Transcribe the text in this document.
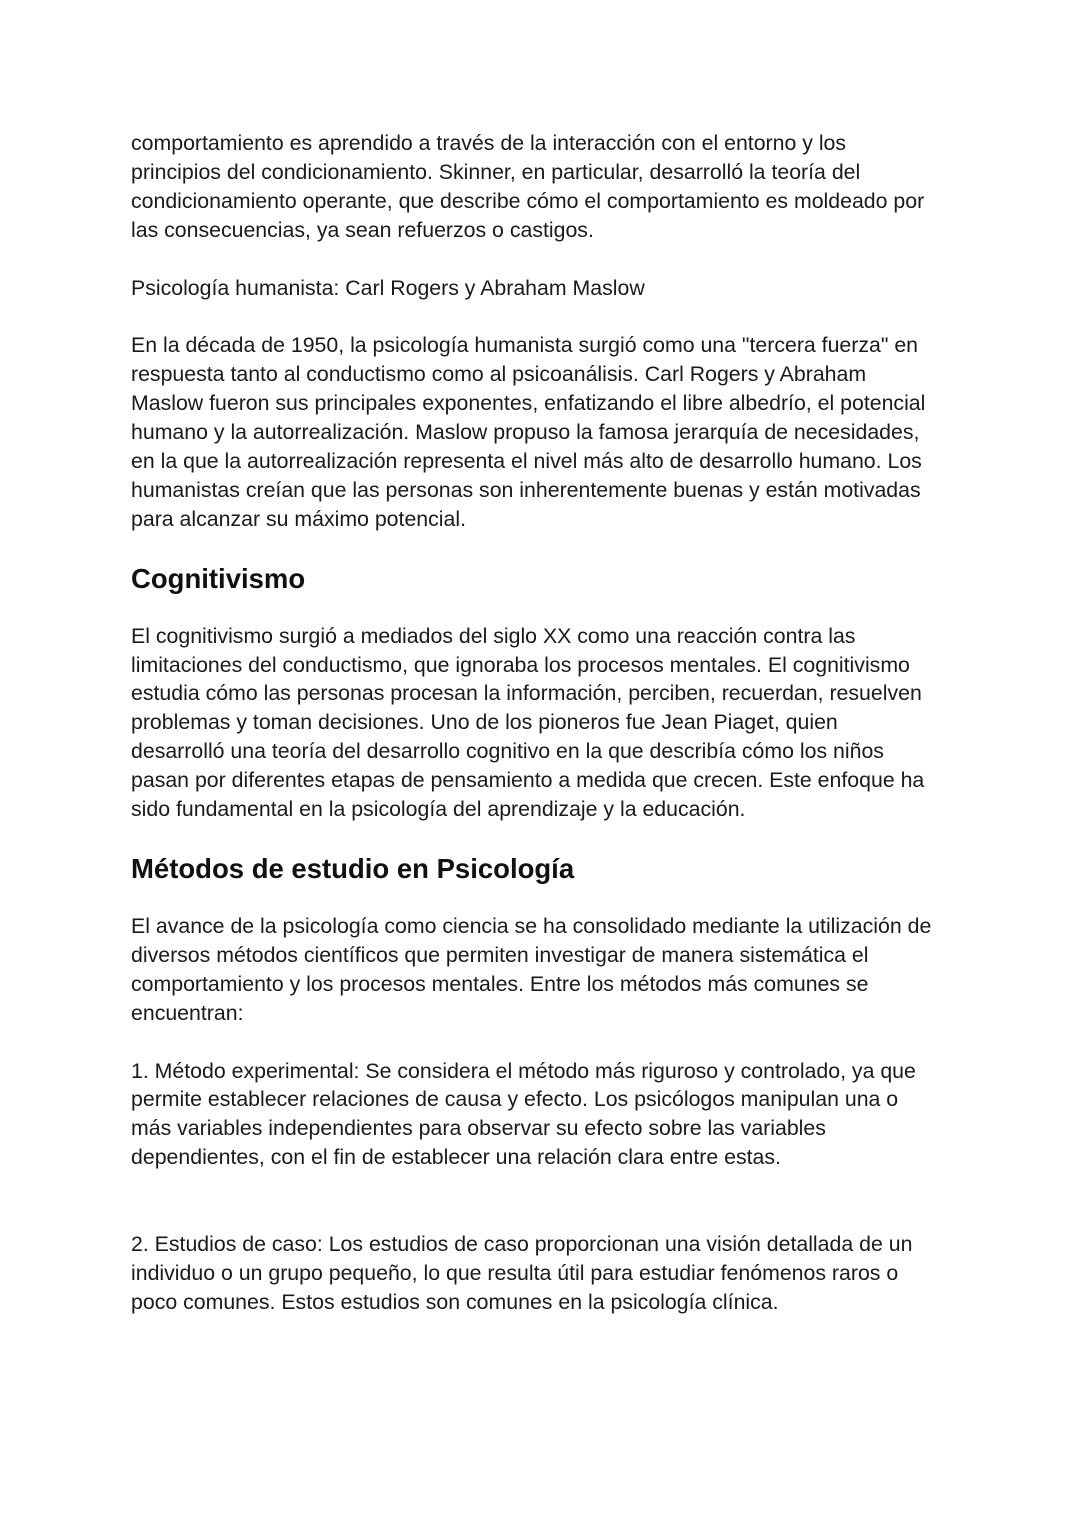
comportamiento es aprendido a través de la interacción con el entorno y los
principios del condicionamiento. Skinner, en particular, desarrolló la teoría del
condicionamiento operante, que describe cómo el comportamiento es moldeado por
las consecuencias, ya sean refuerzos o castigos.
Psicología humanista: Carl Rogers y Abraham Maslow
En la década de 1950, la psicología humanista surgió como una "tercera fuerza" en
respuesta tanto al conductismo como al psicoanálisis. Carl Rogers y Abraham
Maslow fueron sus principales exponentes, enfatizando el libre albedrío, el potencial
humano y la autorrealización. Maslow propuso la famosa jerarquía de necesidades,
en la que la autorrealización representa el nivel más alto de desarrollo humano. Los
humanistas creían que las personas son inherentemente buenas y están motivadas
para alcanzar su máximo potencial.
Cognitivismo
El cognitivismo surgió a mediados del siglo XX como una reacción contra las
limitaciones del conductismo, que ignoraba los procesos mentales. El cognitivismo
estudia cómo las personas procesan la información, perciben, recuerdan, resuelven
problemas y toman decisiones. Uno de los pioneros fue Jean Piaget, quien
desarrolló una teoría del desarrollo cognitivo en la que describía cómo los niños
pasan por diferentes etapas de pensamiento a medida que crecen. Este enfoque ha
sido fundamental en la psicología del aprendizaje y la educación.
Métodos de estudio en Psicología
El avance de la psicología como ciencia se ha consolidado mediante la utilización de
diversos métodos científicos que permiten investigar de manera sistemática el
comportamiento y los procesos mentales. Entre los métodos más comunes se
encuentran:
1. Método experimental: Se considera el método más riguroso y controlado, ya que
permite establecer relaciones de causa y efecto. Los psicólogos manipulan una o
más variables independientes para observar su efecto sobre las variables
dependientes, con el fin de establecer una relación clara entre estas.
2. Estudios de caso: Los estudios de caso proporcionan una visión detallada de un
individuo o un grupo pequeño, lo que resulta útil para estudiar fenómenos raros o
poco comunes. Estos estudios son comunes en la psicología clínica.
